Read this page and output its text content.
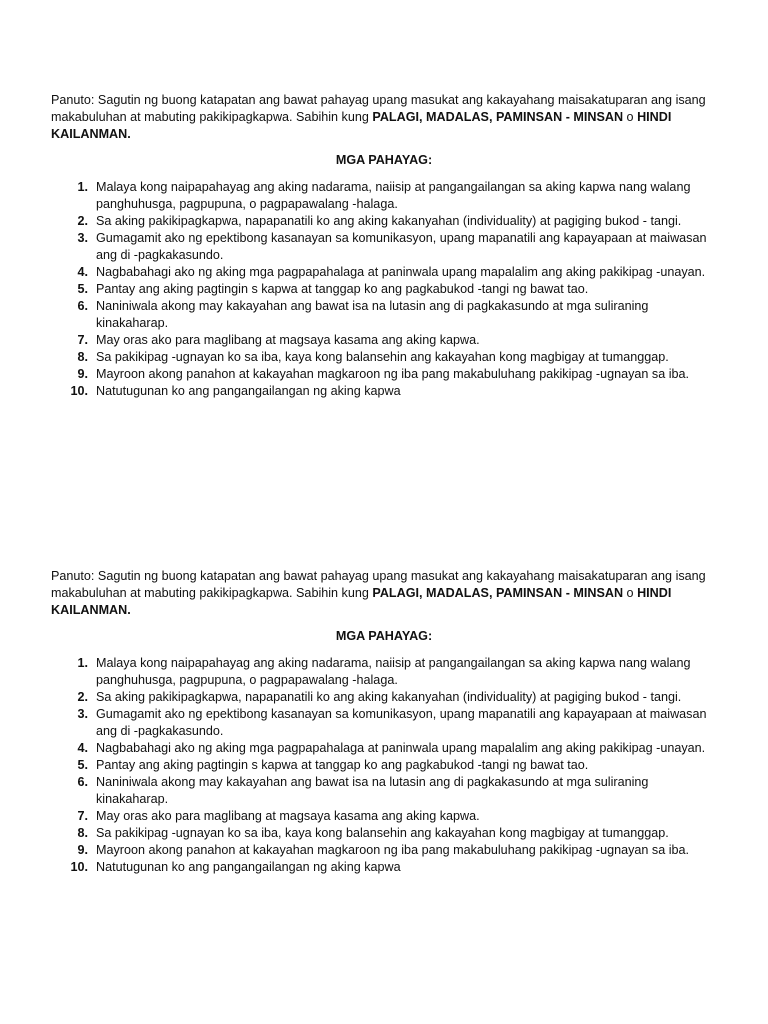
Panuto: Sagutin ng buong katapatan ang bawat pahayag upang masukat ang kakayahang maisakatuparan ang isang makabuluhan at mabuting pakikipagkapwa. Sabihin kung PALAGI, MADALAS, PAMINSAN - MINSAN o HINDI KAILANMAN.

MGA PAHAYAG:
1. Malaya kong naipapahayag ang aking nadarama, naiisip at pangangailangan sa aking kapwa nang walang panghuhusga, pagpupuna, o pagpapawalang -halaga.
2. Sa aking pakikipagkapwa, napapanatili ko ang aking kakanyahan (individuality) at pagiging bukod - tangi.
3. Gumagamit ako ng epektibong kasanayan sa komunikasyon, upang mapanatili ang kapayapaan at maiwasan ang di -pagkakasundo.
4. Nagbabahagi ako ng aking mga pagpapahalaga at paninwala upang mapalalim ang aking pakikipag -unayan.
5. Pantay ang aking pagtingin s kapwa at tanggap ko ang pagkabukod -tangi ng bawat tao.
6. Naniniwala akong may kakayahan ang bawat isa na lutasin ang di pagkakasundo at mga suliraning kinakaharap.
7. May oras ako para maglibang at magsaya kasama ang aking kapwa.
8. Sa pakikipag -ugnayan ko sa iba, kaya kong balansehin ang kakayahan kong magbigay at tumanggap.
9. Mayroon akong panahon at kakayahan magkaroon ng iba pang makabuluhang pakikipag -ugnayan sa iba.
10. Natutugunan ko ang pangangailangan ng aking kapwa

Panuto: Sagutin ng buong katapatan ang bawat pahayag upang masukat ang kakayahang maisakatuparan ang isang makabuluhan at mabuting pakikipagkapwa. Sabihin kung PALAGI, MADALAS, PAMINSAN - MINSAN o HINDI KAILANMAN.

MGA PAHAYAG:
1. Malaya kong naipapahayag ang aking nadarama, naiisip at pangangailangan sa aking kapwa nang walang panghuhusga, pagpupuna, o pagpapawalang -halaga.
2. Sa aking pakikipagkapwa, napapanatili ko ang aking kakanyahan (individuality) at pagiging bukod - tangi.
3. Gumagamit ako ng epektibong kasanayan sa komunikasyon, upang mapanatili ang kapayapaan at maiwasan ang di -pagkakasundo.
4. Nagbabahagi ako ng aking mga pagpapahalaga at paninwala upang mapalalim ang aking pakikipag -unayan.
5. Pantay ang aking pagtingin s kapwa at tanggap ko ang pagkabukod -tangi ng bawat tao.
6. Naniniwala akong may kakayahan ang bawat isa na lutasin ang di pagkakasundo at mga suliraning kinakaharap.
7. May oras ako para maglibang at magsaya kasama ang aking kapwa.
8. Sa pakikipag -ugnayan ko sa iba, kaya kong balansehin ang kakayahan kong magbigay at tumanggap.
9. Mayroon akong panahon at kakayahan magkaroon ng iba pang makabuluhang pakikipag -ugnayan sa iba.
10. Natutugunan ko ang pangangailangan ng aking kapwa
